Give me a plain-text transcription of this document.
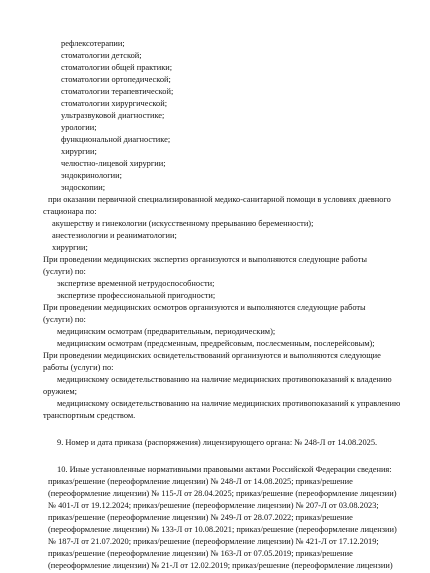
рефлексотерапии;
стоматологии детской;
стоматологии общей практики;
стоматологии ортопедической;
стоматологии терапевтической;
стоматологии хирургической;
ультразвуковой диагностике;
урологии;
функциональной диагностике;
хирургии;
челюстно-лицевой хирургии;
эндокринологии;
эндоскопии;
при оказании первичной специализированной медико-санитарной помощи в условиях дневного
стационара по:
акушерству и гинекологии (искусственному прерыванию беременности);
анестезиологии и реаниматологии;
хирургии;
При проведении медицинских экспертиз организуются и выполняются следующие работы
(услуги) по:
экспертизе временной нетрудоспособности;
экспертизе профессиональной пригодности;
При проведении медицинских осмотров организуются и выполняются следующие работы
(услуги) по:
медицинским осмотрам (предварительным, периодическим);
медицинским осмотрам (предсменным, предрейсовым, послесменным, послерейсовым);
При проведении медицинских освидетельствований организуются и выполняются следующие
работы (услуги) по:
медицинскому освидетельствованию на наличие медицинских противопоказаний к владению
оружием;
медицинскому освидетельствованию на наличие медицинских противопоказаний к управлению
транспортным средством.
9. Номер и дата приказа (распоряжения) лицензирующего органа: № 248-Л от 14.08.2025.
10. Иные установленные нормативными правовыми актами Российской Федерации сведения:
приказ/решение (переоформление лицензии) № 248-Л от 14.08.2025; приказ/решение
(переоформление лицензии) № 115-Л от 28.04.2025; приказ/решение (переоформление лицензии)
№ 401-Л от 19.12.2024; приказ/решение (переоформление лицензии) № 207-Л от 03.08.2023;
приказ/решение (переоформление лицензии) № 249-Л от 28.07.2022; приказ/решение
(переоформление лицензии) № 133-Л от 10.08.2021; приказ/решение (переоформление лицензии)
№ 187-Л от 21.07.2020; приказ/решение (переоформление лицензии) № 421-Л от 17.12.2019;
приказ/решение (переоформление лицензии) № 163-Л от 07.05.2019; приказ/решение
(переоформление лицензии) № 21-Л от 12.02.2019; приказ/решение (переоформление лицензии)
